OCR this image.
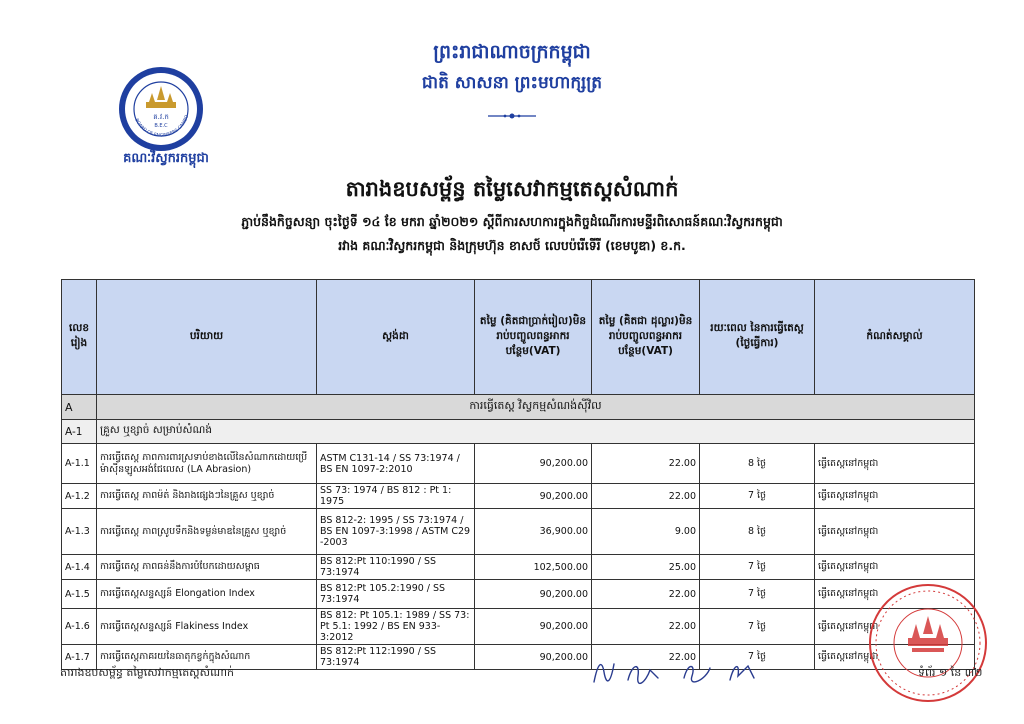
ព្រះរាជាណាចក្រកម្ពុជា
ជាតិ សាសនា ព្រះមហាក្សត្រ
គ.វ.ក
B.E.C
BOARD OF ENGINEERS CAMBO
គណៈវិស្វករកម្ពុជា
តារាងឧបសម្ព័ន្ធ តម្លៃសេវាកម្មតេស្តសំណាក់
ភ្ជាប់នឹងកិច្ចសន្យា ចុះថ្ងៃទី ១៤ ខែ មករា ឆ្នាំ២០២១ ស្តីពីការសហការក្នុងកិច្ចដំណើរការមន្ទីរពិសោធន៍គណៈវិស្វករកម្ពុជា
រវាង គណៈវិស្វករកម្ពុជា និងក្រុមហ៊ុន ខាសថ៍ លេបប៉រើទើរី (ខេមបូឌា) ខ.ក.
លេខរៀង	បរិយាយ	ស្តង់ដា	តម្លៃ (គិតជាប្រាក់រៀល)មិនរាប់បញ្ចូលពន្ធអាករបន្ថែម(VAT)	តម្លៃ (គិតជា ដុល្លារ)មិនរាប់បញ្ចូលពន្ធអាករបន្ថែម(VAT)	រយៈពេល នៃការធ្វើតេស្ត (ថ្ងៃធ្វើការ)	កំណត់សម្គាល់
A	ការធ្វើតេស្ត វិស្វកម្មសំណង់ស៊ីវិល					
A-1	គ្រួស ឬខ្សាច់ សម្រាប់សំណង់					
A-1.1	ការធ្វើតេស្ត ភាពការពារស្រទាប់ខាងលើនៃសំណាកដោយប្រើម៉ាស៊ីនឡូសអង់ជែលេស (LA Abrasion)	ASTM C131-14 / SS 73:1974 / BS EN 1097-2:2010	90,200.00	22.00	8 ថ្ងៃ	ធ្វើតេស្តនៅកម្ពុជា
A-1.2	ការធ្វើតេស្ត ភាពម៉ត់ និងរាងផ្សេងៗនៃគ្រួស ឬខ្សាច់	SS 73: 1974 / BS 812 : Pt 1: 1975	90,200.00	22.00	7 ថ្ងៃ	ធ្វើតេស្តនៅកម្ពុជា
A-1.3	ការធ្វើតេស្ត ភាពស្រូបទឹកនិងទម្ងន់មាឌនៃគ្រួស ឬខ្សាច់	BS 812-2: 1995 / SS 73:1974 / BS EN 1097-3:1998 / ASTM C29 -2003	36,900.00	9.00	8 ថ្ងៃ	ធ្វើតេស្តនៅកម្ពុជា
A-1.4	ការធ្វើតេស្ត ភាពធន់នឹងការបំបែកដោយសម្ពាធ	BS 812:Pt 110:1990 / SS 73:1974	102,500.00	25.00	7 ថ្ងៃ	ធ្វើតេស្តនៅកម្ពុជា
A-1.5	ការធ្វើតេស្តសន្ទស្សន៍ Elongation Index	BS 812:Pt 105.2:1990 / SS 73:1974	90,200.00	22.00	7 ថ្ងៃ	ធ្វើតេស្តនៅកម្ពុជា
A-1.6	ការធ្វើតេស្តសន្ទស្សន៍ Flakiness Index	BS 812: Pt 105.1: 1989 / SS 73: Pt 5.1: 1992 / BS EN 933-3:2012	90,200.00	22.00	7 ថ្ងៃ	ធ្វើតេស្តនៅកម្ពុជា
A-1.7	ការធ្វើតេស្តភាគរយនៃធាតុកខ្វក់ក្នុងសំណាក	BS 812:Pt 112:1990 / SS 73:1974	90,200.00	22.00	7 ថ្ងៃ	ធ្វើតេស្តនៅកម្ពុជា
តារាងឧបសម្ព័ន្ធ តម្លៃសេវាកម្មតេស្តសំណាក់	ទំព័រ ១ នៃ ៣២
